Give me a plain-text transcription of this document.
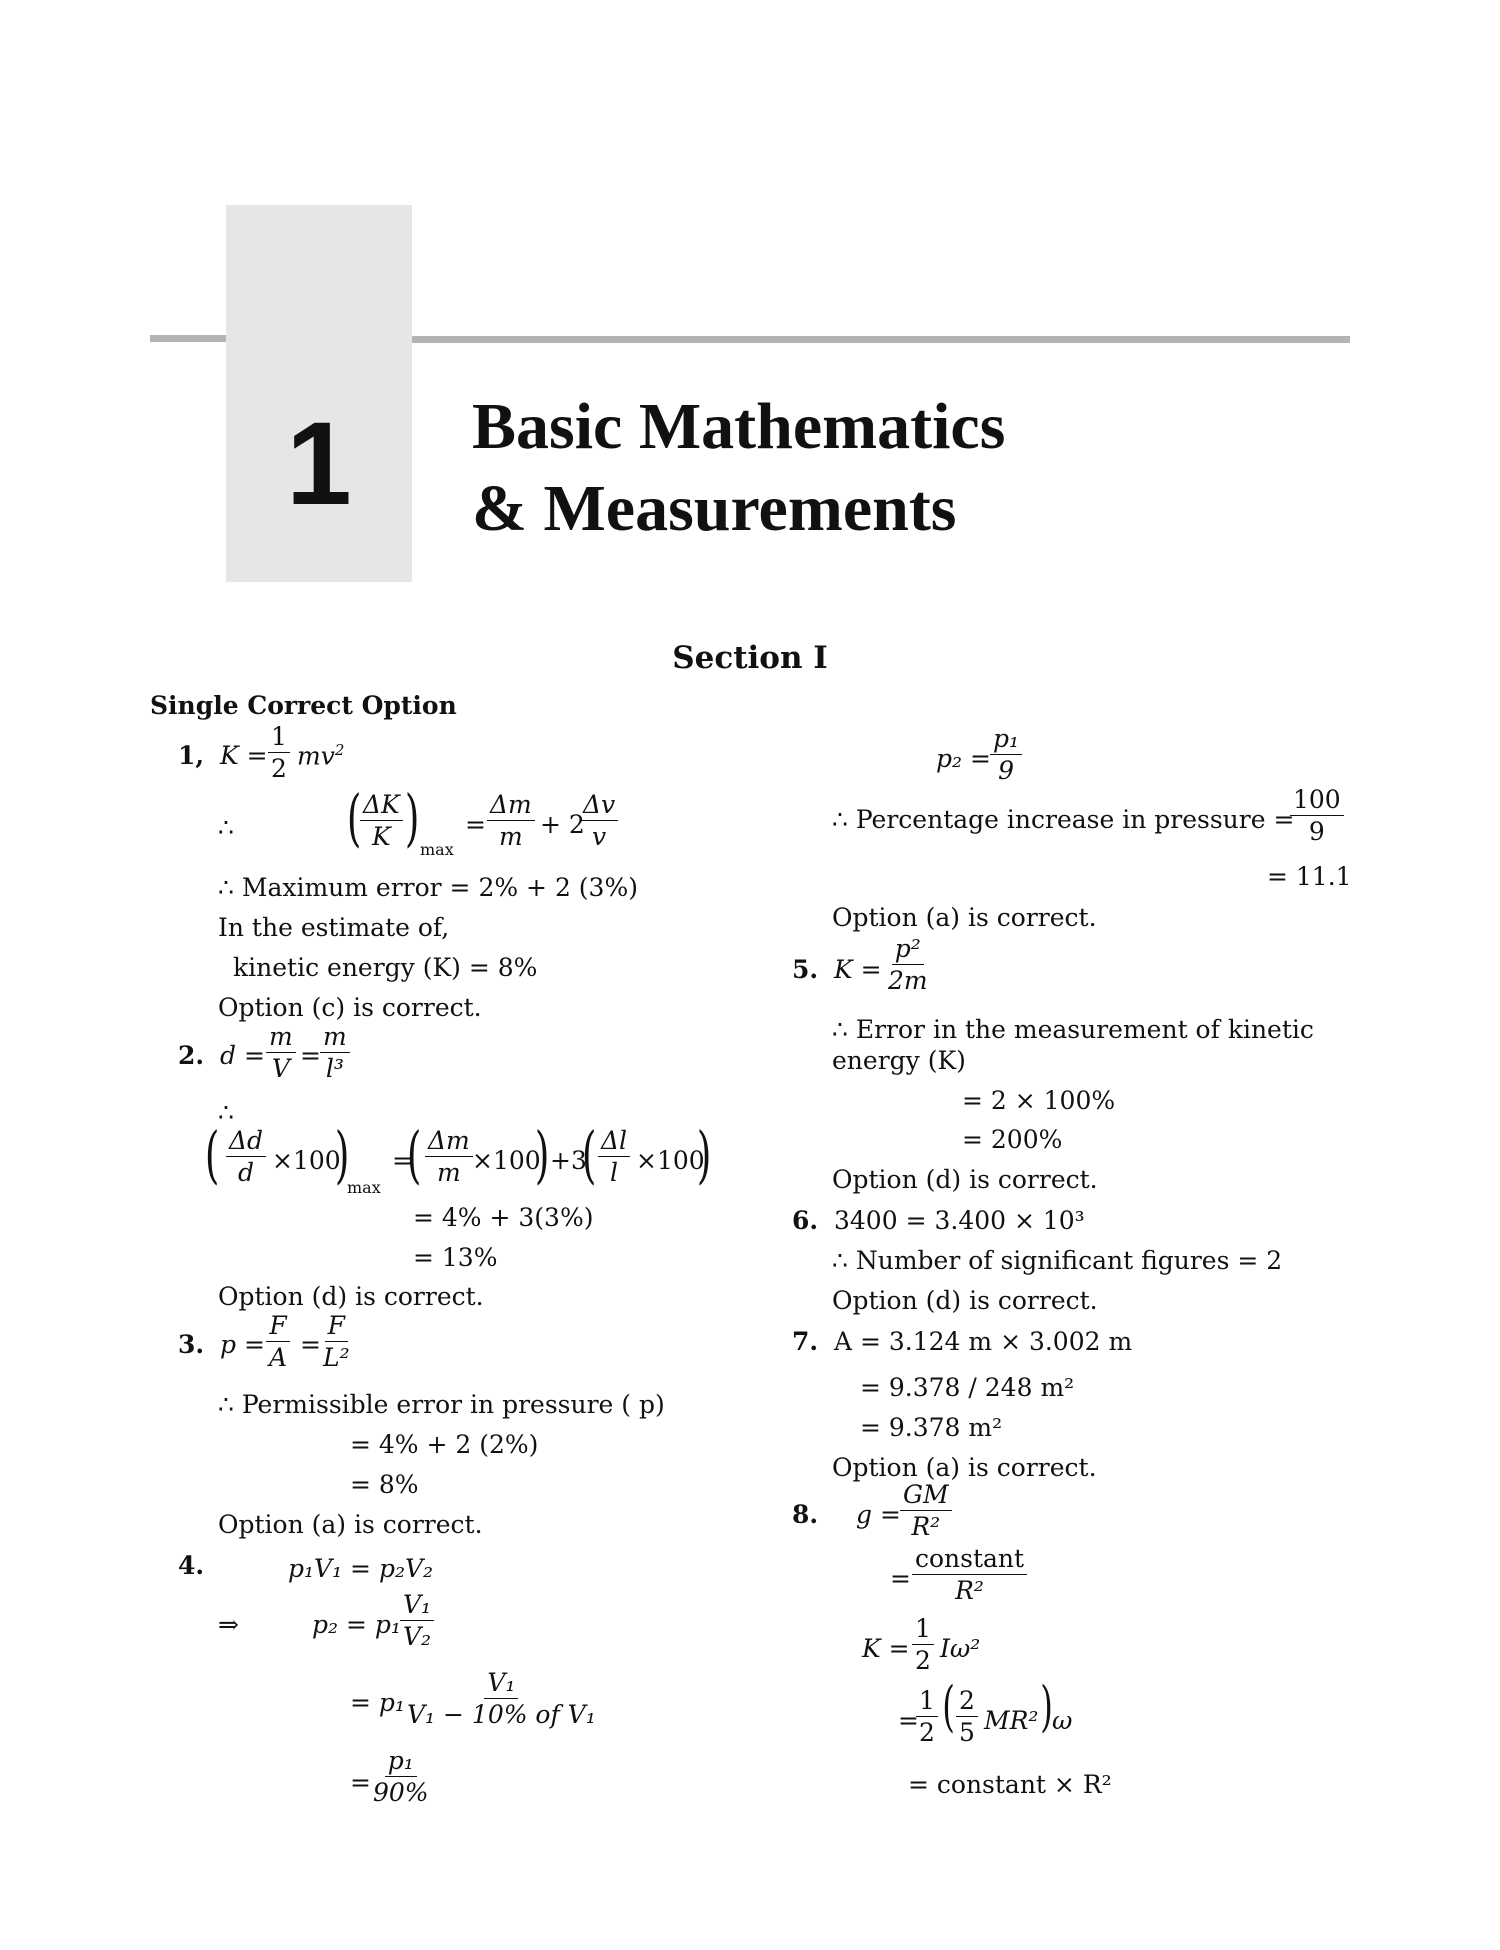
1	Basic Mathematics
& Measurements
Section I
Single Correct Option
1, K =
1
2 $mv^2$
∴ ( ΔK
K ) max
=
Δm
m + 2
Δv
v
∴ Maximum error = 2% + 2 (3%)
In the estimate of,
kinetic energy (K) = 8%
Option (c) is correct.
2. d =
m
V =
m
l³
∴
( Δd
d ×100
)
max
=
( Δm
m ×100
) +3
( Δl
l ×100
)
= 4% + 3(3%)
= 13%
Option (d) is correct.
3. p =
F
A =
F
L²
∴ Permissible error in pressure ( p)
= 4% + 2 (2%)
= 8%
Option (a) is correct.
4.	p₁V₁ = p₂V₂
⇒	p₂ = p₁
V₁
V₂
= p₁
V₁
V₁ − 10% of V₁
=
p₁
90%
p₂ =
p₁
9
∴ Percentage increase in pressure =
100
9
= 11.1
Option (a) is correct.
5. K =
p²
2m
∴ Error in the measurement of kinetic
energy (K)
= 2 × 100%
= 200%
Option (d) is correct.
6. 3400 = 3.400 × 10³
∴ Number of significant figures = 2
Option (d) is correct.
7. A = 3.124 m × 3.002 m
= 9.378 / 248 m²
= 9.378 m²
Option (a) is correct.
8. g =
GM
R²
=
constant
R²
K =
1
2 Iω²
=
1
2 ( 2
5 MR² ) ω
= constant × R²
